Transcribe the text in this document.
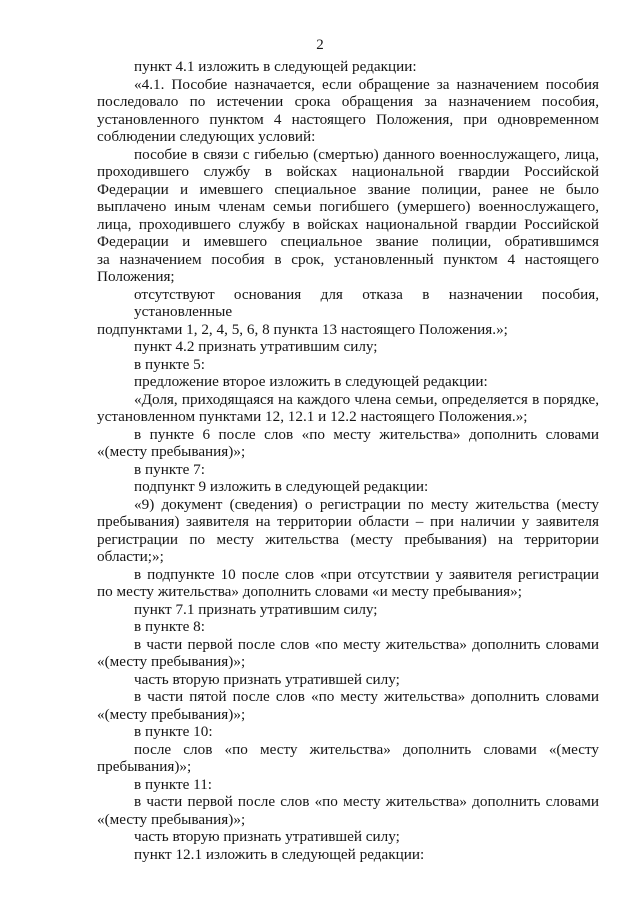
2
пункт 4.1 изложить в следующей редакции:
«4.1. Пособие назначается, если обращение за назначением пособия
последовало по истечении срока обращения за назначением пособия,
установленного пунктом 4 настоящего Положения, при одновременном
соблюдении следующих условий:
пособие в связи с гибелью (смертью) данного военнослужащего, лица,
проходившего службу в войсках национальной гвардии Российской
Федерации и имевшего специальное звание полиции, ранее не было
выплачено иным членам семьи погибшего (умершего) военнослужащего,
лица, проходившего службу в войсках национальной гвардии Российской
Федерации и имевшего специальное звание полиции, обратившимся
за назначением пособия в срок, установленный пунктом 4 настоящего
Положения;
отсутствуют основания для отказа в назначении пособия, установленные
подпунктами 1, 2, 4, 5, 6, 8 пункта 13 настоящего Положения.»;
пункт 4.2 признать утратившим силу;
в пункте 5:
предложение второе изложить в следующей редакции:
«Доля, приходящаяся на каждого члена семьи, определяется в порядке,
установленном пунктами 12, 12.1 и 12.2 настоящего Положения.»;
в пункте 6 после слов «по месту жительства» дополнить словами
«(месту пребывания)»;
в пункте 7:
подпункт 9 изложить в следующей редакции:
«9) документ (сведения) о регистрации по месту жительства (месту
пребывания) заявителя на территории области – при наличии у заявителя
регистрации по месту жительства (месту пребывания) на территории
области;»;
в подпункте 10 после слов «при отсутствии у заявителя регистрации
по месту жительства» дополнить словами «и месту пребывания»;
пункт 7.1 признать утратившим силу;
в пункте 8:
в части первой после слов «по месту жительства» дополнить словами
«(месту пребывания)»;
часть вторую признать утратившей силу;
в части пятой после слов «по месту жительства» дополнить словами
«(месту пребывания)»;
в пункте 10:
после слов «по месту жительства» дополнить словами «(месту
пребывания)»;
в пункте 11:
в части первой после слов «по месту жительства» дополнить словами
«(месту пребывания)»;
часть вторую признать утратившей силу;
пункт 12.1 изложить в следующей редакции:
